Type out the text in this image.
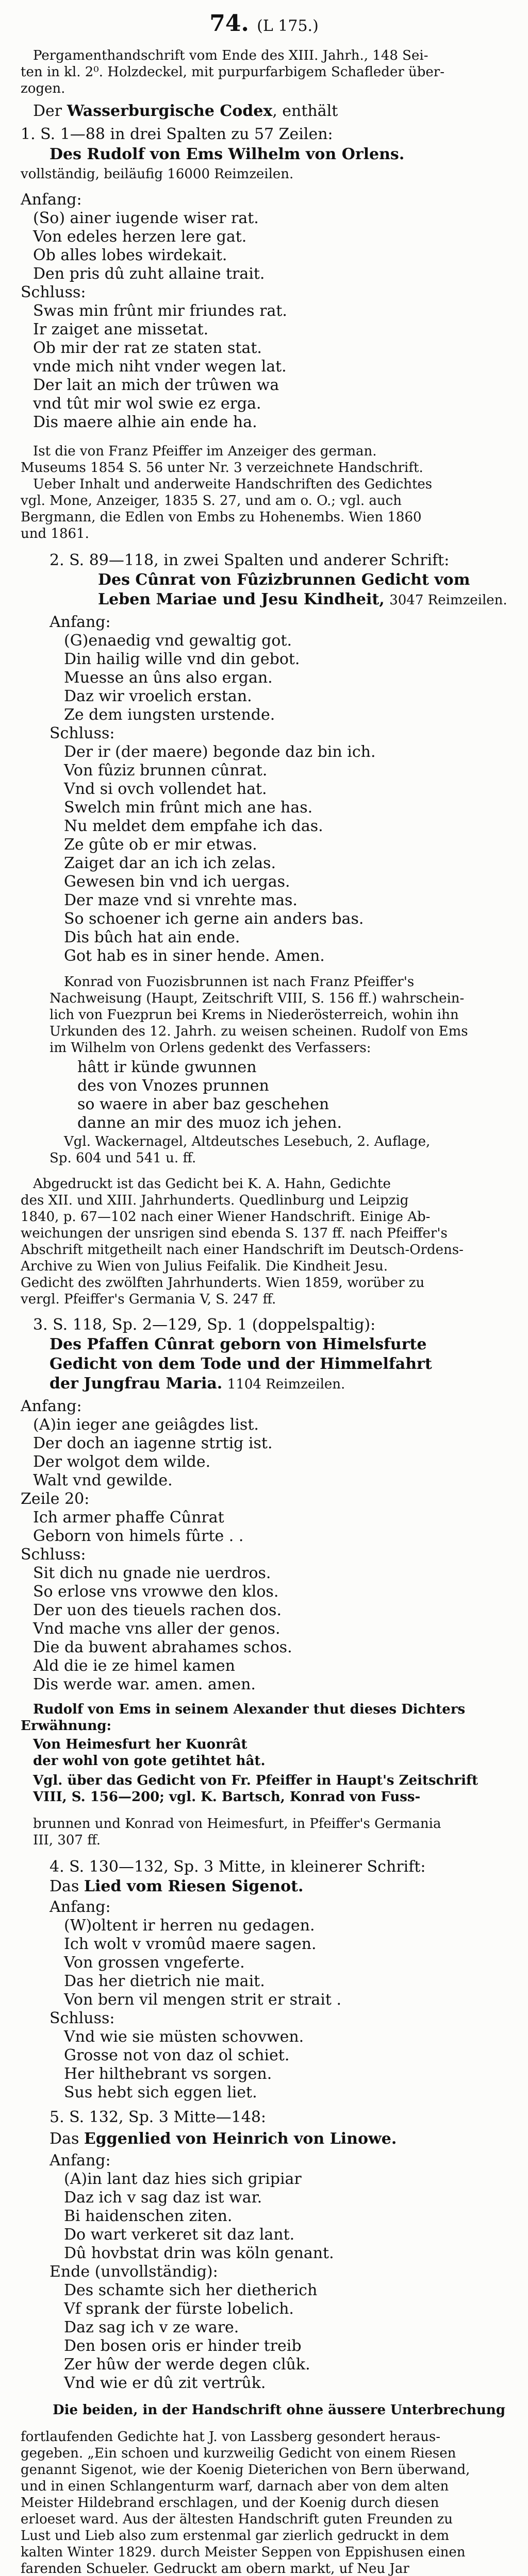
74. (L 175.)
Pergamenthandschrift vom Ende des XIII. Jahrh., 148 Sei-
ten in kl. 2⁰. Holzdeckel, mit purpurfarbigem Schafleder über-
zogen.
Der Wasserburgische Codex, enthält
1. S. 1—88 in drei Spalten zu 57 Zeilen:
Des Rudolf von Ems Wilhelm von Orlens.
vollständig, beiläufig 16000 Reimzeilen.
Anfang:
(So) ainer iugende wiser rat.
Von edeles herzen lere gat.
Ob alles lobes wirdekait.
Den pris dû zuht allaine trait.
Schluss:
Swas min frûnt mir friundes rat.
Ir zaiget ane missetat.
Ob mir der rat ze staten stat.
vnde mich niht vnder wegen lat.
Der lait an mich der trûwen wa
vnd tût mir wol swie ez erga.
Dis maere alhie ain ende ha.
Ist die von Franz Pfeiffer im Anzeiger des german.
Museums 1854 S. 56 unter Nr. 3 verzeichnete Handschrift.
Ueber Inhalt und anderweite Handschriften des Gedichtes
vgl. Mone, Anzeiger, 1835 S. 27, und am o. O.; vgl. auch
Bergmann, die Edlen von Embs zu Hohenembs. Wien 1860
und 1861.
2. S. 89—118, in zwei Spalten und anderer Schrift:
Des Cûnrat von Fûzizbrunnen Gedicht vom
Leben Mariae und Jesu Kindheit, 3047 Reimzeilen.
Anfang:
(G)enaedig vnd gewaltig got.
Din hailig wille vnd din gebot.
Muesse an ûns also ergan.
Daz wir vroelich erstan.
Ze dem iungsten urstende.
Schluss:
Der ir (der maere) begonde daz bin ich.
Von fûziz brunnen cûnrat.
Vnd si ovch vollendet hat.
Swelch min frûnt mich ane has.
Nu meldet dem empfahe ich das.
Ze gûte ob er mir etwas.
Zaiget dar an ich ich zelas.
Gewesen bin vnd ich uergas.
Der maze vnd si vnrehte mas.
So schoener ich gerne ain anders bas.
Dis bûch hat ain ende.
Got hab es in siner hende. Amen.
Konrad von Fuozisbrunnen ist nach Franz Pfeiffer's
Nachweisung (Haupt, Zeitschrift VIII, S. 156 ff.) wahrschein-
lich von Fuezprun bei Krems in Niederösterreich, wohin ihn
Urkunden des 12. Jahrh. zu weisen scheinen. Rudolf von Ems
im Wilhelm von Orlens gedenkt des Verfassers:
hâtt ir künde gwunnen
des von Vnozes prunnen
so waere in aber baz geschehen
danne an mir des muoz ich jehen.
Vgl. Wackernagel, Altdeutsches Lesebuch, 2. Auflage,
Sp. 604 und 541 u. ff.
Abgedruckt ist das Gedicht bei K. A. Hahn, Gedichte
des XII. und XIII. Jahrhunderts. Quedlinburg und Leipzig
1840, p. 67—102 nach einer Wiener Handschrift. Einige Ab-
weichungen der unsrigen sind ebenda S. 137 ff. nach Pfeiffer's
Abschrift mitgetheilt nach einer Handschrift im Deutsch-Ordens-
Archive zu Wien von Julius Feifalik. Die Kindheit Jesu.
Gedicht des zwölften Jahrhunderts. Wien 1859, worüber zu
vergl. Pfeiffer's Germania V, S. 247 ff.
3. S. 118, Sp. 2—129, Sp. 1 (doppelspaltig):
Des Pfaffen Cûnrat geborn von Himelsfurte
Gedicht von dem Tode und der Himmelfahrt
der Jungfrau Maria. 1104 Reimzeilen.
Anfang:
(A)in ieger ane geiâgdes list.
Der doch an iagenne strtig ist.
Der wolgot dem wilde.
Walt vnd gewilde.
Zeile 20:
Ich armer phaffe Cûnrat
Geborn von himels fûrte . .
Schluss:
Sit dich nu gnade nie uerdros.
So erlose vns vrowwe den klos.
Der uon des tieuels rachen dos.
Vnd mache vns aller der genos.
Die da buwent abrahames schos.
Ald die ie ze himel kamen
Dis werde war. amen. amen.
Rudolf von Ems in seinem Alexander thut dieses Dichters
Erwähnung:
Von Heimesfurt her Kuonrât
der wohl von gote getihtet hât.
Vgl. über das Gedicht von Fr. Pfeiffer in Haupt's Zeitschrift
VIII, S. 156—200; vgl. K. Bartsch, Konrad von Fuss-
brunnen und Konrad von Heimesfurt, in Pfeiffer's Germania
III, 307 ff.
4. S. 130—132, Sp. 3 Mitte, in kleinerer Schrift:
Das Lied vom Riesen Sigenot.
Anfang:
(W)oltent ir herren nu gedagen.
Ich wolt v vromûd maere sagen.
Von grossen vngeferte.
Das her dietrich nie mait.
Von bern vil mengen strit er strait .
Schluss:
Vnd wie sie müsten schovwen.
Grosse not von daz ol schiet.
Her hilthebrant vs sorgen.
Sus hebt sich eggen liet.
5. S. 132, Sp. 3 Mitte—148:
Das Eggenlied von Heinrich von Linowe.
Anfang:
(A)in lant daz hies sich gripiar
Daz ich v sag daz ist war.
Bi haidenschen ziten.
Do wart verkeret sit daz lant.
Dû hovbstat drin was köln genant.
Ende (unvollständig):
Des schamte sich her dietherich
Vf sprank der fürste lobelich.
Daz sag ich v ze ware.
Den bosen oris er hinder treib
Zer hûw der werde degen clûk.
Vnd wie er dû zit vertrûk.
Die beiden, in der Handschrift ohne äussere Unterbrechung
fortlaufenden Gedichte hat J. von Lassberg gesondert heraus-
gegeben. „Ein schoen und kurzweilig Gedicht von einem Riesen
genannt Sigenot, wie der Koenig Dieterichen von Bern überwand,
und in einen Schlangenturm warf, darnach aber von dem alten
Meister Hildebrand erschlagen, und der Koenig durch diesen
erloeset ward. Aus der ältesten Handschrift guten Freunden zu
Lust und Lieb also zum erstenmal gar zierlich gedruckt in dem
kalten Winter 1829. durch Meister Seppen von Eppishusen einen
farenden Schueler. Gedruckt am obern markt, uf Neu Jar
